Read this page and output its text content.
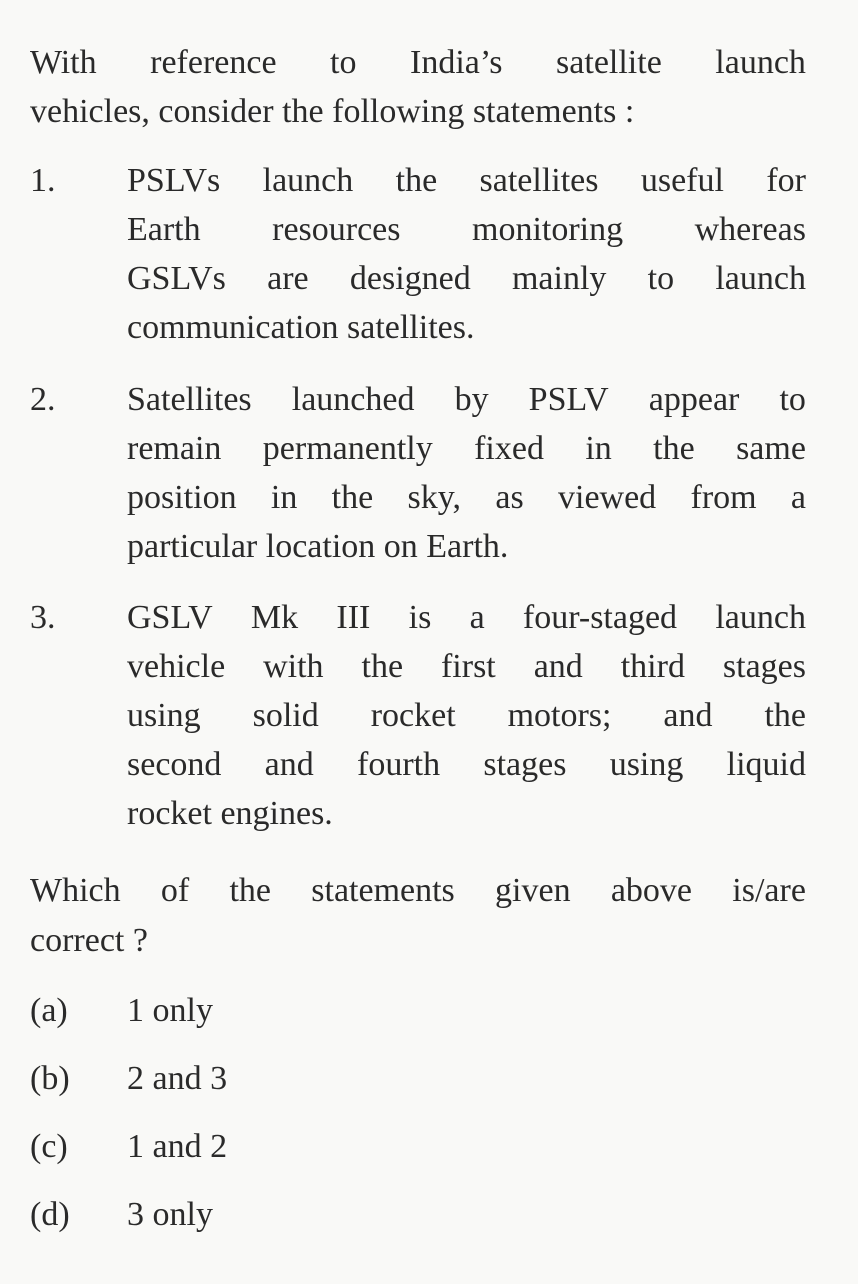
With reference to India’s satellite launch
vehicles, consider the following statements :
1. PSLVs launch the satellites useful for
Earth resources monitoring whereas
GSLVs are designed mainly to launch
communication satellites.
2. Satellites launched by PSLV appear to
remain permanently fixed in the same
position in the sky, as viewed from a
particular location on Earth.
3. GSLV Mk III is a four-staged launch
vehicle with the first and third stages
using solid rocket motors; and the
second and fourth stages using liquid
rocket engines.
Which of the statements given above is/are
correct ?
(a) 1 only
(b) 2 and 3
(c) 1 and 2
(d) 3 only
